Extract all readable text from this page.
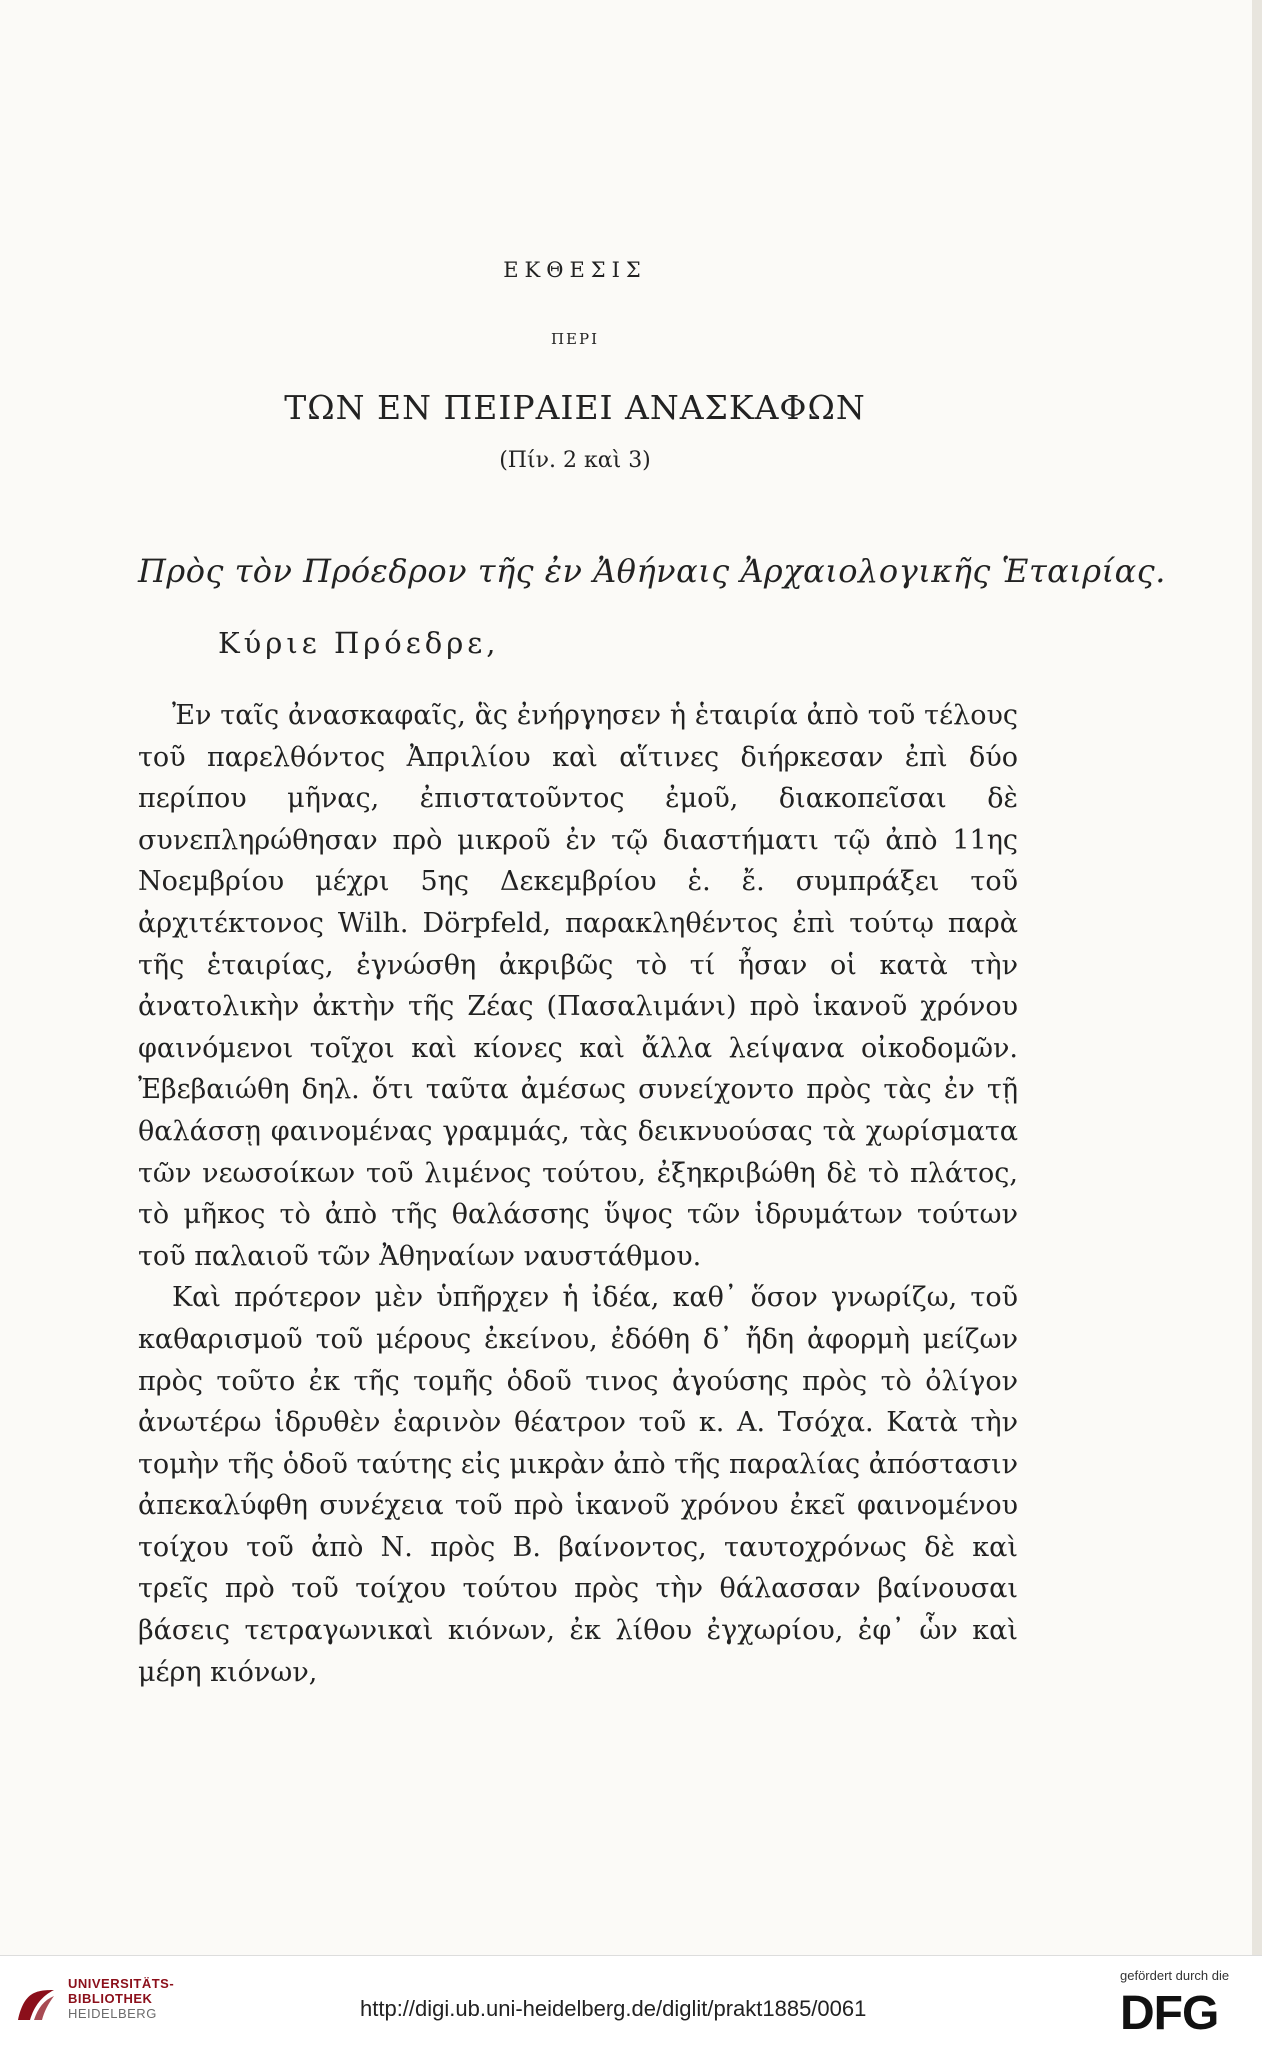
ΕΚΘΕΣΙΣ
ΠΕΡΙ
ΤΩΝ ΕΝ ΠΕΙΡΑΙΕΙ ΑΝΑΣΚΑΦΩΝ
(Πίν. 2 καὶ 3)
Πρὸς τὸν Πρόεδρον τῆς ἐν Ἀθήναις Ἀρχαιολογικῆς Ἑταιρίας.
Κύριε Πρόεδρε,

Ἐν ταῖς ἀνασκαφαῖς, ἃς ἐνήργησεν ἡ ἑταιρία ἀπὸ τοῦ τέλους τοῦ παρελθόντος Ἀπριλίου καὶ αἵτινες διήρκεσαν ἐπὶ δύο περίπου μῆνας, ἐπιστατοῦντος ἐμοῦ, διακοπεῖσαι δὲ συνεπληρώθησαν πρὸ μικροῦ ἐν τῷ διαστήματι τῷ ἀπὸ 11ης Νοεμβρίου μέχρι 5ης Δεκεμβρίου ἑ. ἔ. συμπράξει τοῦ ἀρχιτέκτονος Wilh. Dörpfeld, παρακληθέντος ἐπὶ τούτῳ παρὰ τῆς ἑταιρίας, ἐγνώσθη ἀκριβῶς τὸ τί ἦσαν οἱ κατὰ τὴν ἀνατολικὴν ἀκτὴν τῆς Ζέας (Πασαλιμάνι) πρὸ ἱκανοῦ χρόνου φαινόμενοι τοῖχοι καὶ κίονες καὶ ἄλλα λείψανα οἰκοδομῶν. Ἐβεβαιώθη δηλ. ὅτι ταῦτα ἀμέσως συνείχοντο πρὸς τὰς ἐν τῇ θαλάσσῃ φαινομένας γραμμάς, τὰς δεικνυούσας τὰ χωρίσματα τῶν νεωσοίκων τοῦ λιμένος τούτου, ἐξηκριβώθη δὲ τὸ πλάτος, τὸ μῆκος τὸ ἀπὸ τῆς θαλάσσης ὕψος τῶν ἱδρυμάτων τούτων τοῦ παλαιοῦ τῶν Ἀθηναίων ναυστάθμου.

Καὶ πρότερον μὲν ὑπῆρχεν ἡ ἰδέα, καθ᾽ ὅσον γνωρίζω, τοῦ καθαρισμοῦ τοῦ μέρους ἐκείνου, ἐδόθη δ᾽ ἤδη ἀφορμὴ μείζων πρὸς τοῦτο ἐκ τῆς τομῆς ὁδοῦ τινος ἀγούσης πρὸς τὸ ὀλίγον ἀνωτέρω ἱδρυθὲν ἑαρινὸν θέατρον τοῦ κ. Α. Τσόχα. Κατὰ τὴν τομὴν τῆς ὁδοῦ ταύτης εἰς μικρὰν ἀπὸ τῆς παραλίας ἀπόστασιν ἀπεκαλύφθη συνέχεια τοῦ πρὸ ἱκανοῦ χρόνου ἐκεῖ φαινομένου τοίχου τοῦ ἀπὸ Ν. πρὸς Β. βαίνοντος, ταυτοχρόνως δὲ καὶ τρεῖς πρὸ τοῦ τοίχου τούτου πρὸς τὴν θάλασσαν βαίνουσαι βάσεις τετραγωνικαὶ κιόνων, ἐκ λίθου ἐγχωρίου, ἐφ᾽ ὧν καὶ μέρη κιόνων,

UNIVERSITÄTS-
BIBLIOTHEK
HEIDELBERG	http://digi.ub.uni-heidelberg.de/diglit/prakt1885/0061
gefördert durch die
DFG
